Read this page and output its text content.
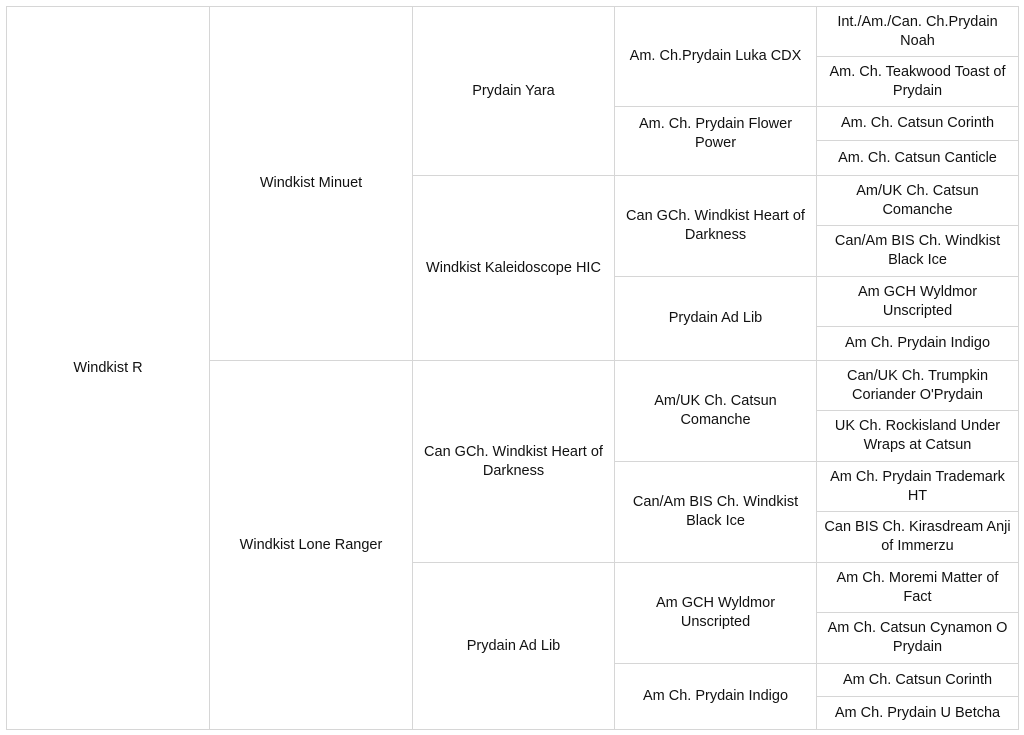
Windkist R
Windkist Minuet
Windkist Lone Ranger
Prydain Yara
Windkist Kaleidoscope HIC
Can GCh. Windkist Heart of Darkness
Prydain Ad Lib
Am. Ch.Prydain Luka CDX
Am. Ch. Prydain Flower Power
Can GCh. Windkist Heart of Darkness
Prydain Ad Lib
Am/UK Ch. Catsun Comanche
Can/Am BIS Ch. Windkist Black Ice
Am GCH Wyldmor Unscripted
Am Ch. Prydain Indigo
Int./Am./Can. Ch.Prydain Noah
Am. Ch. Teakwood Toast of Prydain
Am. Ch. Catsun Corinth
Am. Ch. Catsun Canticle
Am/UK Ch. Catsun Comanche
Can/Am BIS Ch. Windkist Black Ice
Am GCH Wyldmor Unscripted
Am Ch. Prydain Indigo
Can/UK Ch. Trumpkin Coriander O'Prydain
UK Ch. Rockisland Under Wraps at Catsun
Am Ch. Prydain Trademark HT
Can BIS Ch. Kirasdream Anji of Immerzu
Am Ch. Moremi Matter of Fact
Am Ch. Catsun Cynamon O Prydain
Am Ch. Catsun Corinth
Am Ch. Prydain U Betcha
